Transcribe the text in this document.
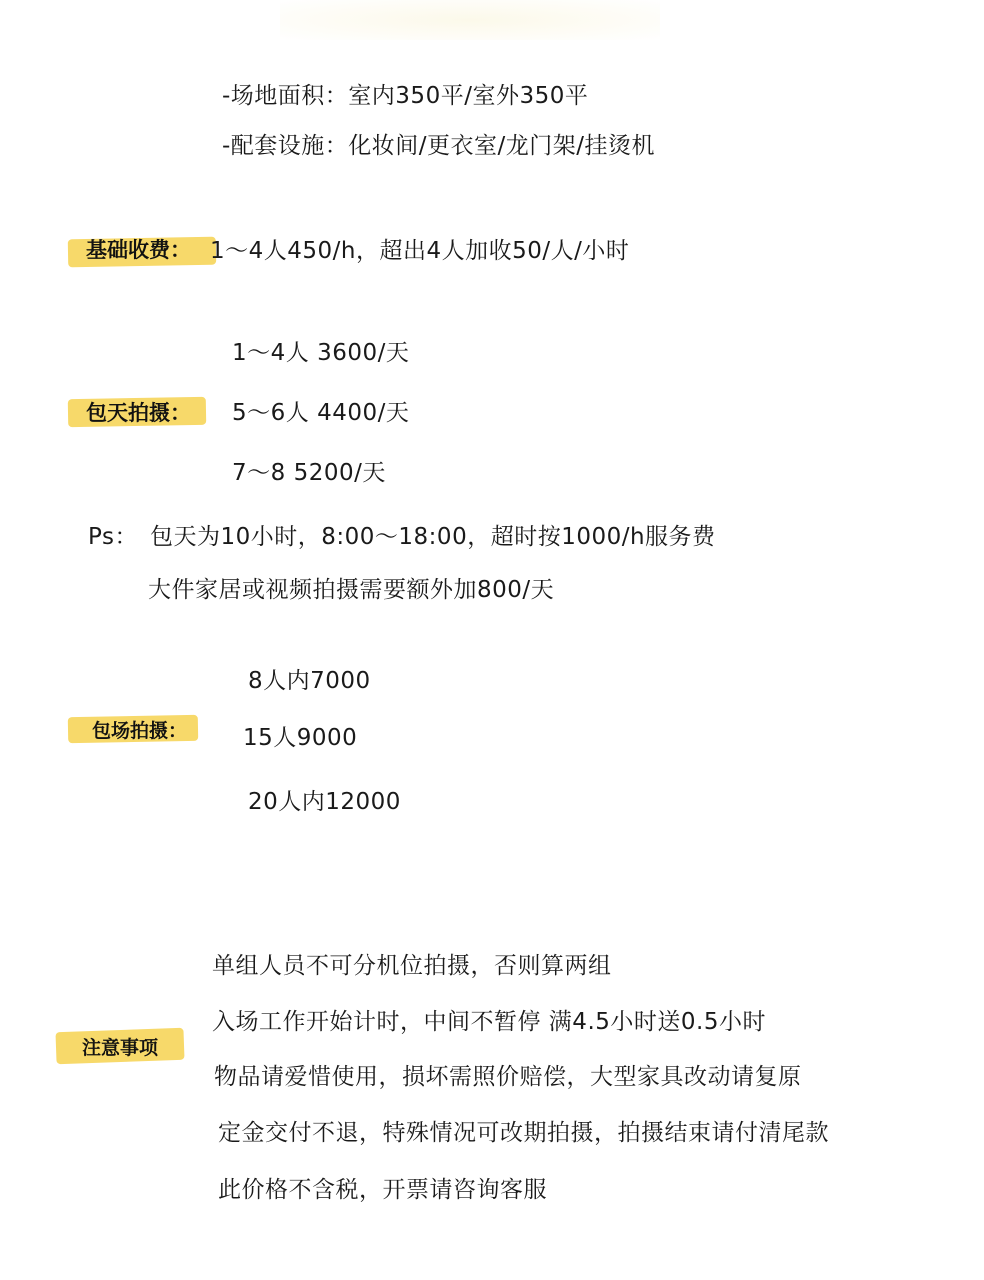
-场地面积：室内350平/室外350平
-配套设施：化妆间/更衣室/龙门架/挂烫机
基础收费： 1～4人450/h，超出4人加收50/人/小时
包天拍摄：
1～4人 3600/天
5～6人 4400/天
7～8 5200/天
Ps： 包天为10小时，8:00～18:00，超时按1000/h服务费
大件家居或视频拍摄需要额外加800/天
包场拍摄：
8人内7000
15人9000
20人内12000
注意事项
单组人员不可分机位拍摄，否则算两组
入场工作开始计时，中间不暂停 满4.5小时送0.5小时
物品请爱惜使用，损坏需照价赔偿，大型家具改动请复原
定金交付不退，特殊情况可改期拍摄，拍摄结束请付清尾款
此价格不含税，开票请咨询客服
